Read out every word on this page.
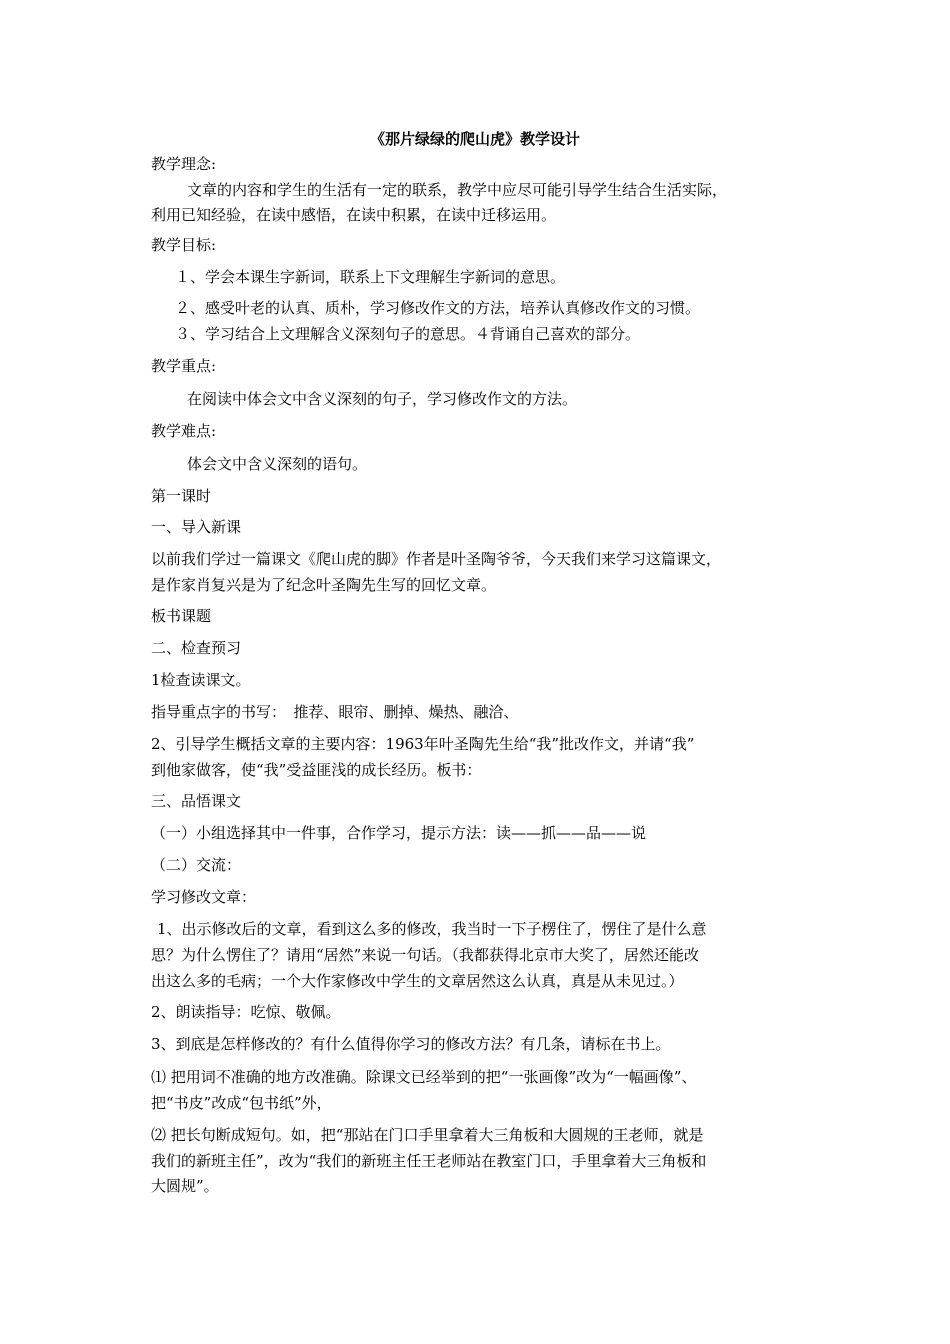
《那片绿绿的爬山虎》教学设计
教学理念:
文章的内容和学生的生活有一定的联系，教学中应尽可能引导学生结合生活实际，
利用已知经验，在读中感悟，在读中积累，在读中迁移运用。
教学目标:
１、学会本课生字新词，联系上下文理解生字新词的意思。
２、感受叶老的认真、质朴，学习修改作文的方法，培养认真修改作文的习惯。
３、学习结合上文理解含义深刻句子的意思。４背诵自己喜欢的部分。
教学重点:
在阅读中体会文中含义深刻的句子，学习修改作文的方法。
教学难点:
体会文中含义深刻的语句。
第一课时
一、导入新课
以前我们学过一篇课文《爬山虎的脚》作者是叶圣陶爷爷，今天我们来学习这篇课文，
是作家肖复兴是为了纪念叶圣陶先生写的回忆文章。
板书课题
二、检查预习
1检查读课文。
指导重点字的书写：　推荐、眼帘、删掉、燥热、融洽、
2、引导学生概括文章的主要内容：1963年叶圣陶先生给“我”批改作文，并请“我”
到他家做客，使“我”受益匪浅的成长经历。板书：
三、品悟课文
（一）小组选择其中一件事，合作学习，提示方法：读——抓——品——说
（二）交流：
学习修改文章：
1、出示修改后的文章，看到这么多的修改，我当时一下子楞住了，愣住了是什么意
思？为什么愣住了？请用“居然”来说一句话。（我都获得北京市大奖了，居然还能改
出这么多的毛病；一个大作家修改中学生的文章居然这么认真，真是从未见过。）
2、朗读指导：吃惊、敬佩。
3、到底是怎样修改的？有什么值得你学习的修改方法？有几条，请标在书上。
⑴ 把用词不准确的地方改准确。除课文已经举到的把“一张画像”改为“一幅画像”、
把“书皮”改成“包书纸”外，
⑵ 把长句断成短句。如，把“那站在门口手里拿着大三角板和大圆规的王老师，就是
我们的新班主任”，改为“我们的新班主任王老师站在教室门口，手里拿着大三角板和
大圆规”。
